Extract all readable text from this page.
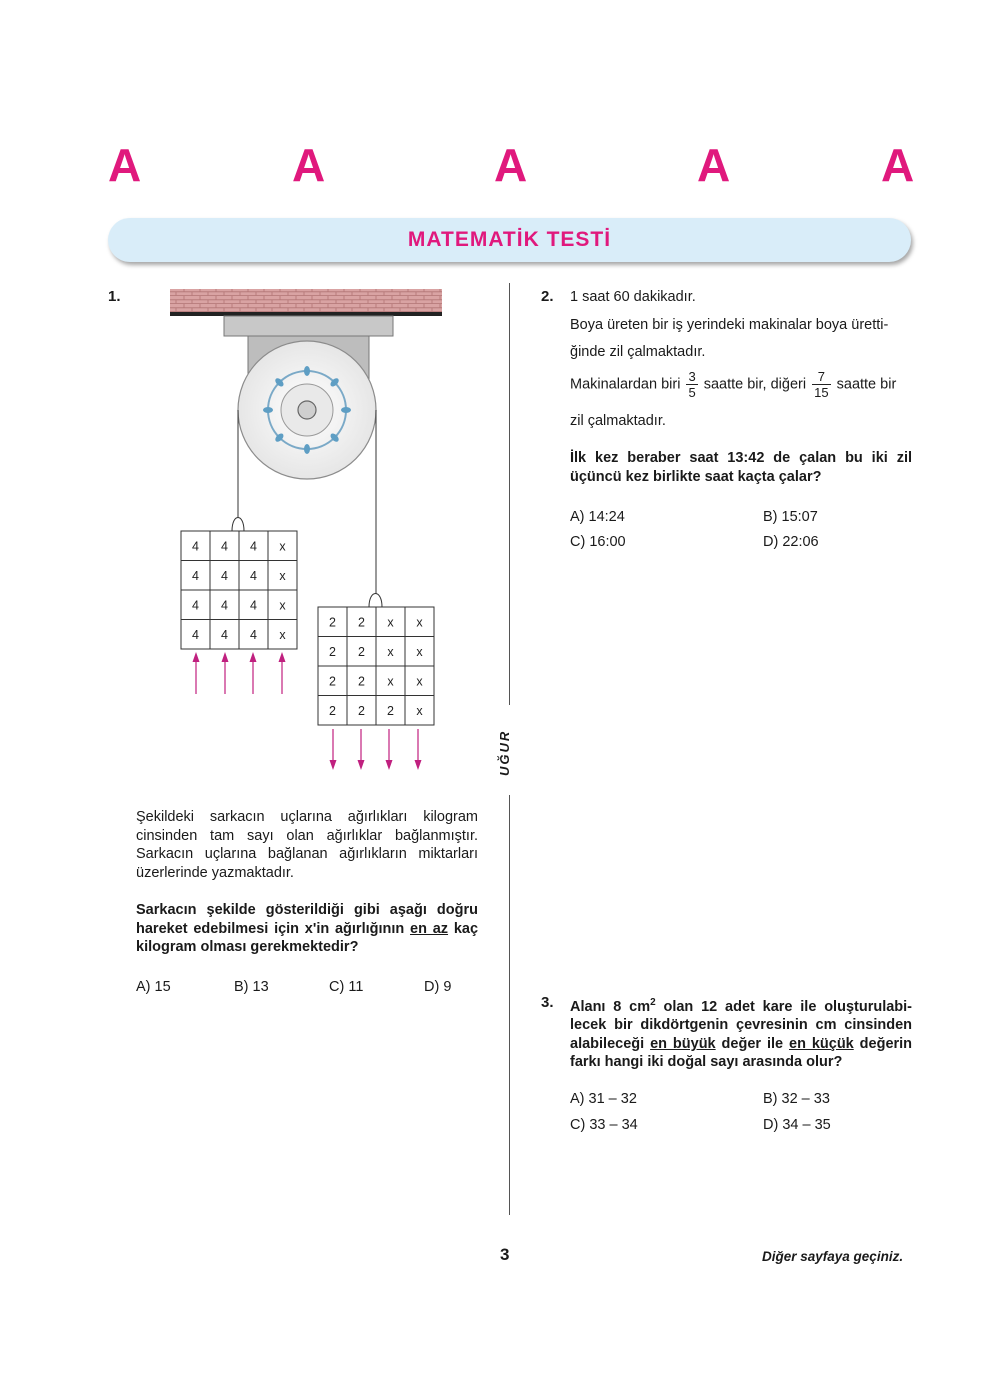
A	A	A	A	A
MATEMATİK TESTİ
UĞUR
1.
4 4 4 x
4 4 4 x
4 4 4 x
4 4 4 x
2 2 x x
2 2 x x
2 2 x x
2 2 2 x
Şekildeki sarkacın uçlarına ağırlıkları kilogram cinsinden tam sayı olan ağırlıklar bağlanmıştır. Sarkacın uçlarına bağlanan ağırlıkların miktarları üzerlerinde yazmaktadır.
Sarkacın şekilde gösterildiği gibi aşağı doğru hareket edebilmesi için x'in ağırlığının en az kaç kilogram olması gerekmektedir?
A) 15	B) 13	C) 11	D) 9
2. 1 saat 60 dakikadır.
Boya üreten bir iş yerindeki makinalar boya üretti-
ğinde zil çalmaktadır.
Makinalardan biri $\frac{3}{5}$ saatte bir, diğeri $\frac{7}{15}$ saatte bir
zil çalmaktadır.
İlk kez beraber saat 13:42 de çalan bu iki zil üçüncü kez birlikte saat kaçta çalar?
A) 14:24	B) 15:07
C) 16:00	D) 22:06
3. Alanı 8 $cm^2$ olan 12 adet kare ile oluşturulabi-lecek bir dikdörtgenin çevresinin cm cinsinden alabileceği en büyük değer ile en küçük değerin farkı hangi iki doğal sayı arasında olur?
A) 31 – 32	B) 32 – 33
C) 33 – 34	D) 34 – 35
3	Diğer sayfaya geçiniz.
